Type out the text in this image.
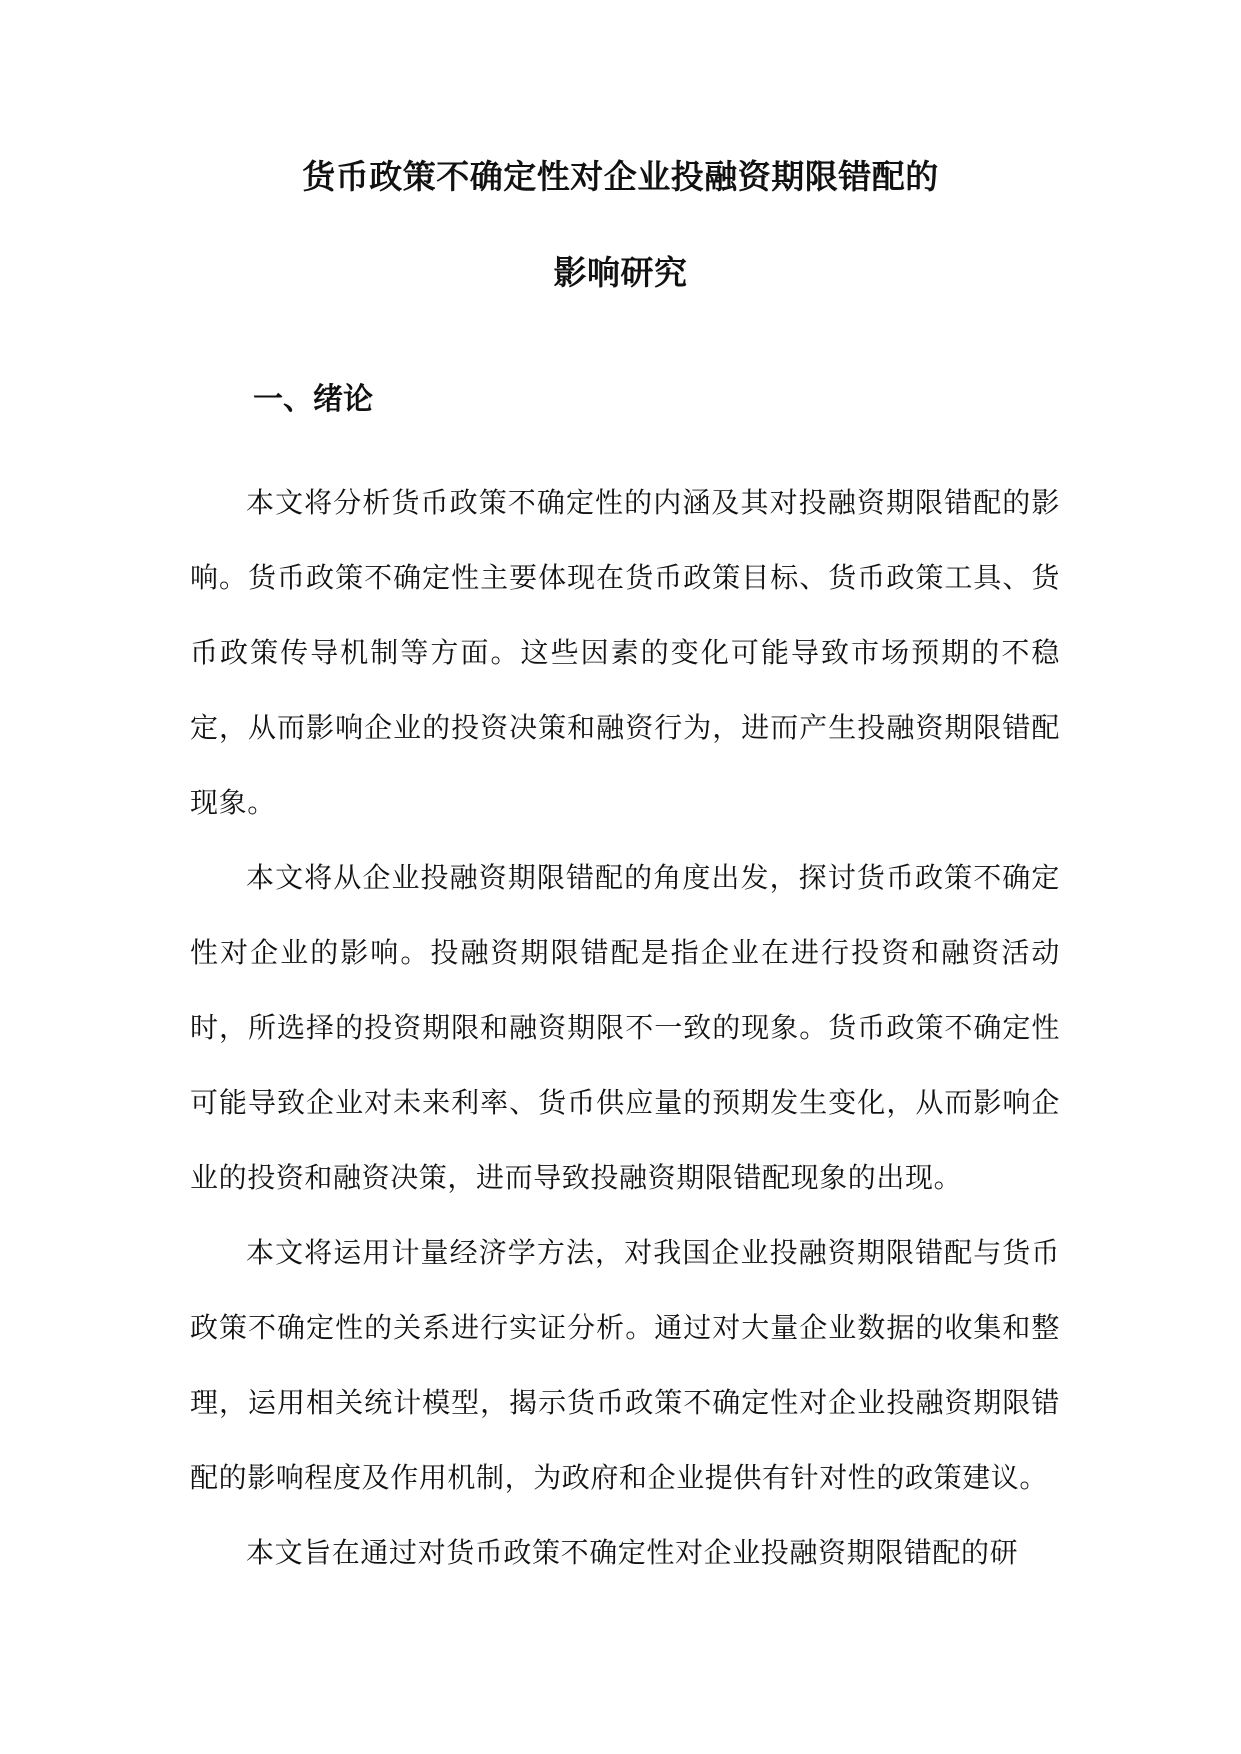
货币政策不确定性对企业投融资期限错配的
影响研究
一、绪论

本文将分析货币政策不确定性的内涵及其对投融资期限错配的影响。货币政策不确定性主要体现在货币政策目标、货币政策工具、货币政策传导机制等方面。这些因素的变化可能导致市场预期的不稳定，从而影响企业的投资决策和融资行为，进而产生投融资期限错配现象。

本文将从企业投融资期限错配的角度出发，探讨货币政策不确定性对企业的影响。投融资期限错配是指企业在进行投资和融资活动时，所选择的投资期限和融资期限不一致的现象。货币政策不确定性可能导致企业对未来利率、货币供应量的预期发生变化，从而影响企业的投资和融资决策，进而导致投融资期限错配现象的出现。

本文将运用计量经济学方法，对我国企业投融资期限错配与货币政策不确定性的关系进行实证分析。通过对大量企业数据的收集和整理，运用相关统计模型，揭示货币政策不确定性对企业投融资期限错配的影响程度及作用机制，为政府和企业提供有针对性的政策建议。

本文旨在通过对货币政策不确定性对企业投融资期限错配的研
